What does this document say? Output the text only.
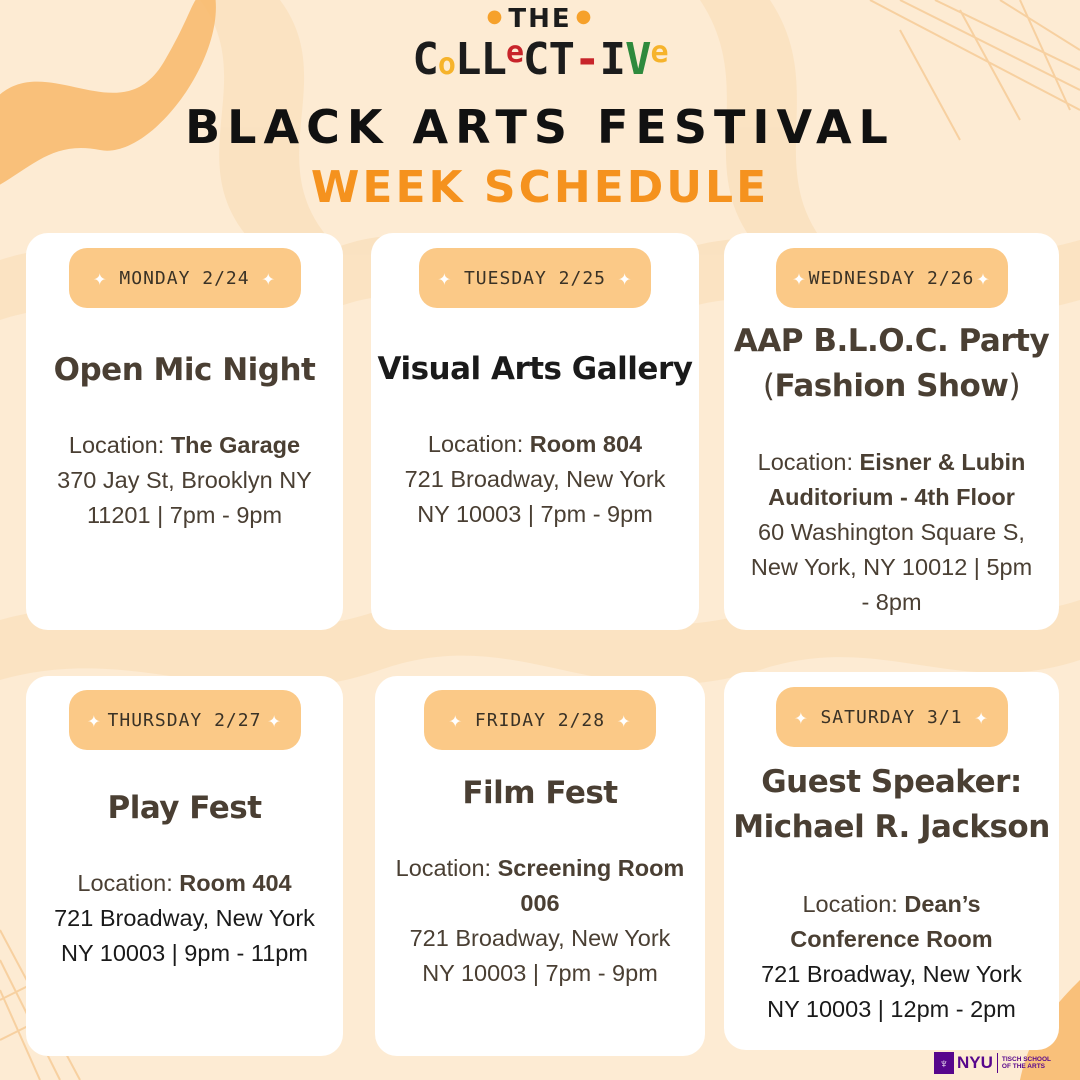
● THE ●
CoLLeCT-IVe
BLACK ARTS FESTIVAL
WEEK SCHEDULE
✦ MONDAY 2/24 ✦
Open Mic Night
Location: The Garage
370 Jay St, Brooklyn NY
11201 | 7pm - 9pm
✦ TUESDAY 2/25 ✦
Visual Arts Gallery
Location: Room 804
721 Broadway, New York
NY 10003 | 7pm - 9pm
✦ WEDNESDAY 2/26 ✦
AAP B.L.O.C. Party
(Fashion Show)
Location: Eisner & Lubin
Auditorium - 4th Floor
60 Washington Square S,
New York, NY 10012 | 5pm
- 8pm
✦ THURSDAY 2/27 ✦
Play Fest
Location: Room 404
721 Broadway, New York
NY 10003 | 9pm - 11pm
✦ FRIDAY 2/28 ✦
Film Fest
Location: Screening Room
006
721 Broadway, New York
NY 10003 | 7pm - 9pm
✦ SATURDAY 3/1 ✦
Guest Speaker:
Michael R. Jackson
Location: Dean’s
Conference Room
721 Broadway, New York
NY 10003 | 12pm - 2pm
♆ NYU TISCH SCHOOL
OF THE ARTS
